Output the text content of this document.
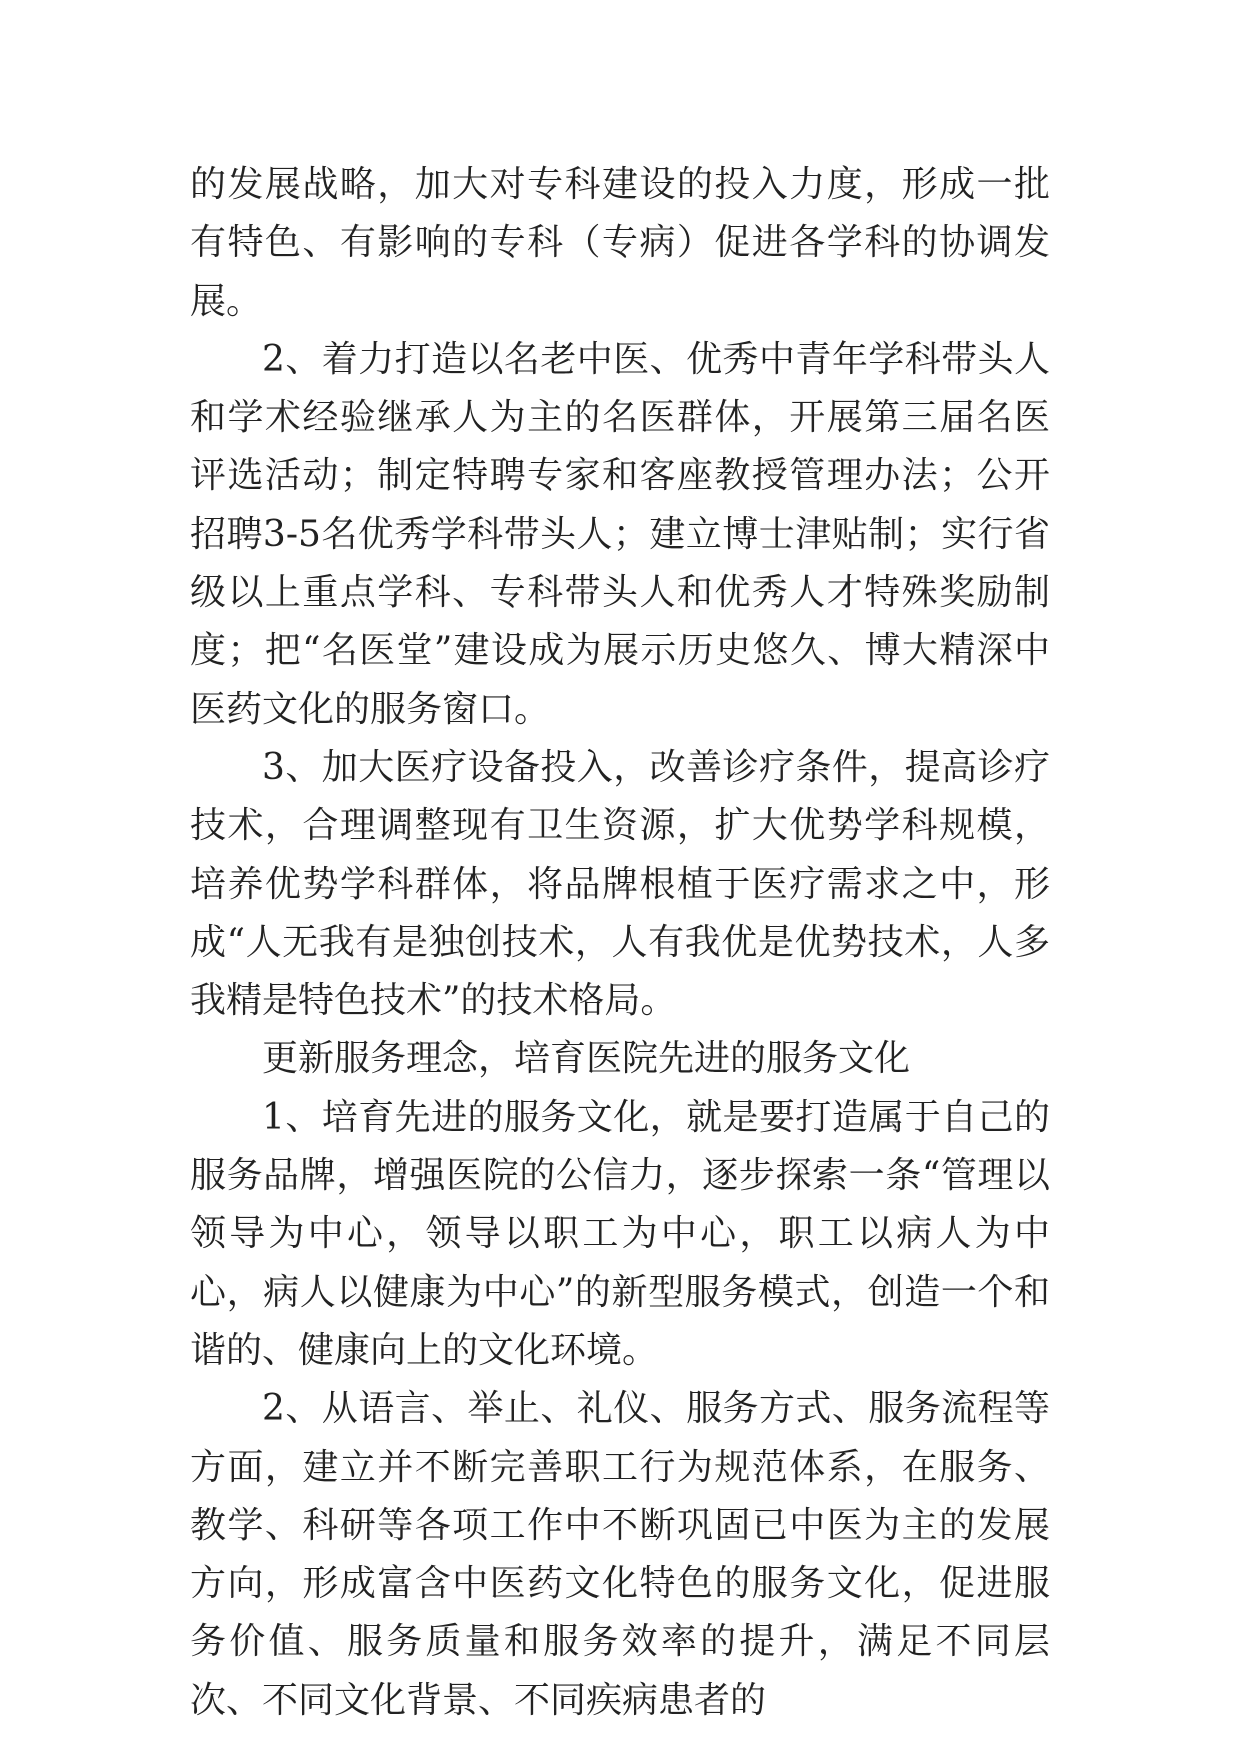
的发展战略，加大对专科建设的投入力度，形成一批有特色、有影响的专科（专病）促进各学科的协调发展。

2、着力打造以名老中医、优秀中青年学科带头人和学术经验继承人为主的名医群体，开展第三届名医评选活动；制定特聘专家和客座教授管理办法；公开招聘3-5名优秀学科带头人；建立博士津贴制；实行省级以上重点学科、专科带头人和优秀人才特殊奖励制度；把“名医堂”建设成为展示历史悠久、博大精深中医药文化的服务窗口。

3、加大医疗设备投入，改善诊疗条件，提高诊疗技术，合理调整现有卫生资源，扩大优势学科规模，培养优势学科群体，将品牌根植于医疗需求之中，形成“人无我有是独创技术，人有我优是优势技术，人多我精是特色技术”的技术格局。

更新服务理念，培育医院先进的服务文化

1、培育先进的服务文化，就是要打造属于自己的服务品牌，增强医院的公信力，逐步探索一条“管理以领导为中心，领导以职工为中心，职工以病人为中心，病人以健康为中心”的新型服务模式，创造一个和谐的、健康向上的文化环境。

2、从语言、举止、礼仪、服务方式、服务流程等方面，建立并不断完善职工行为规范体系，在服务、教学、科研等各项工作中不断巩固已中医为主的发展方向，形成富含中医药文化特色的服务文化，促进服务价值、服务质量和服务效率的提升，满足不同层次、不同文化背景、不同疾病患者的
